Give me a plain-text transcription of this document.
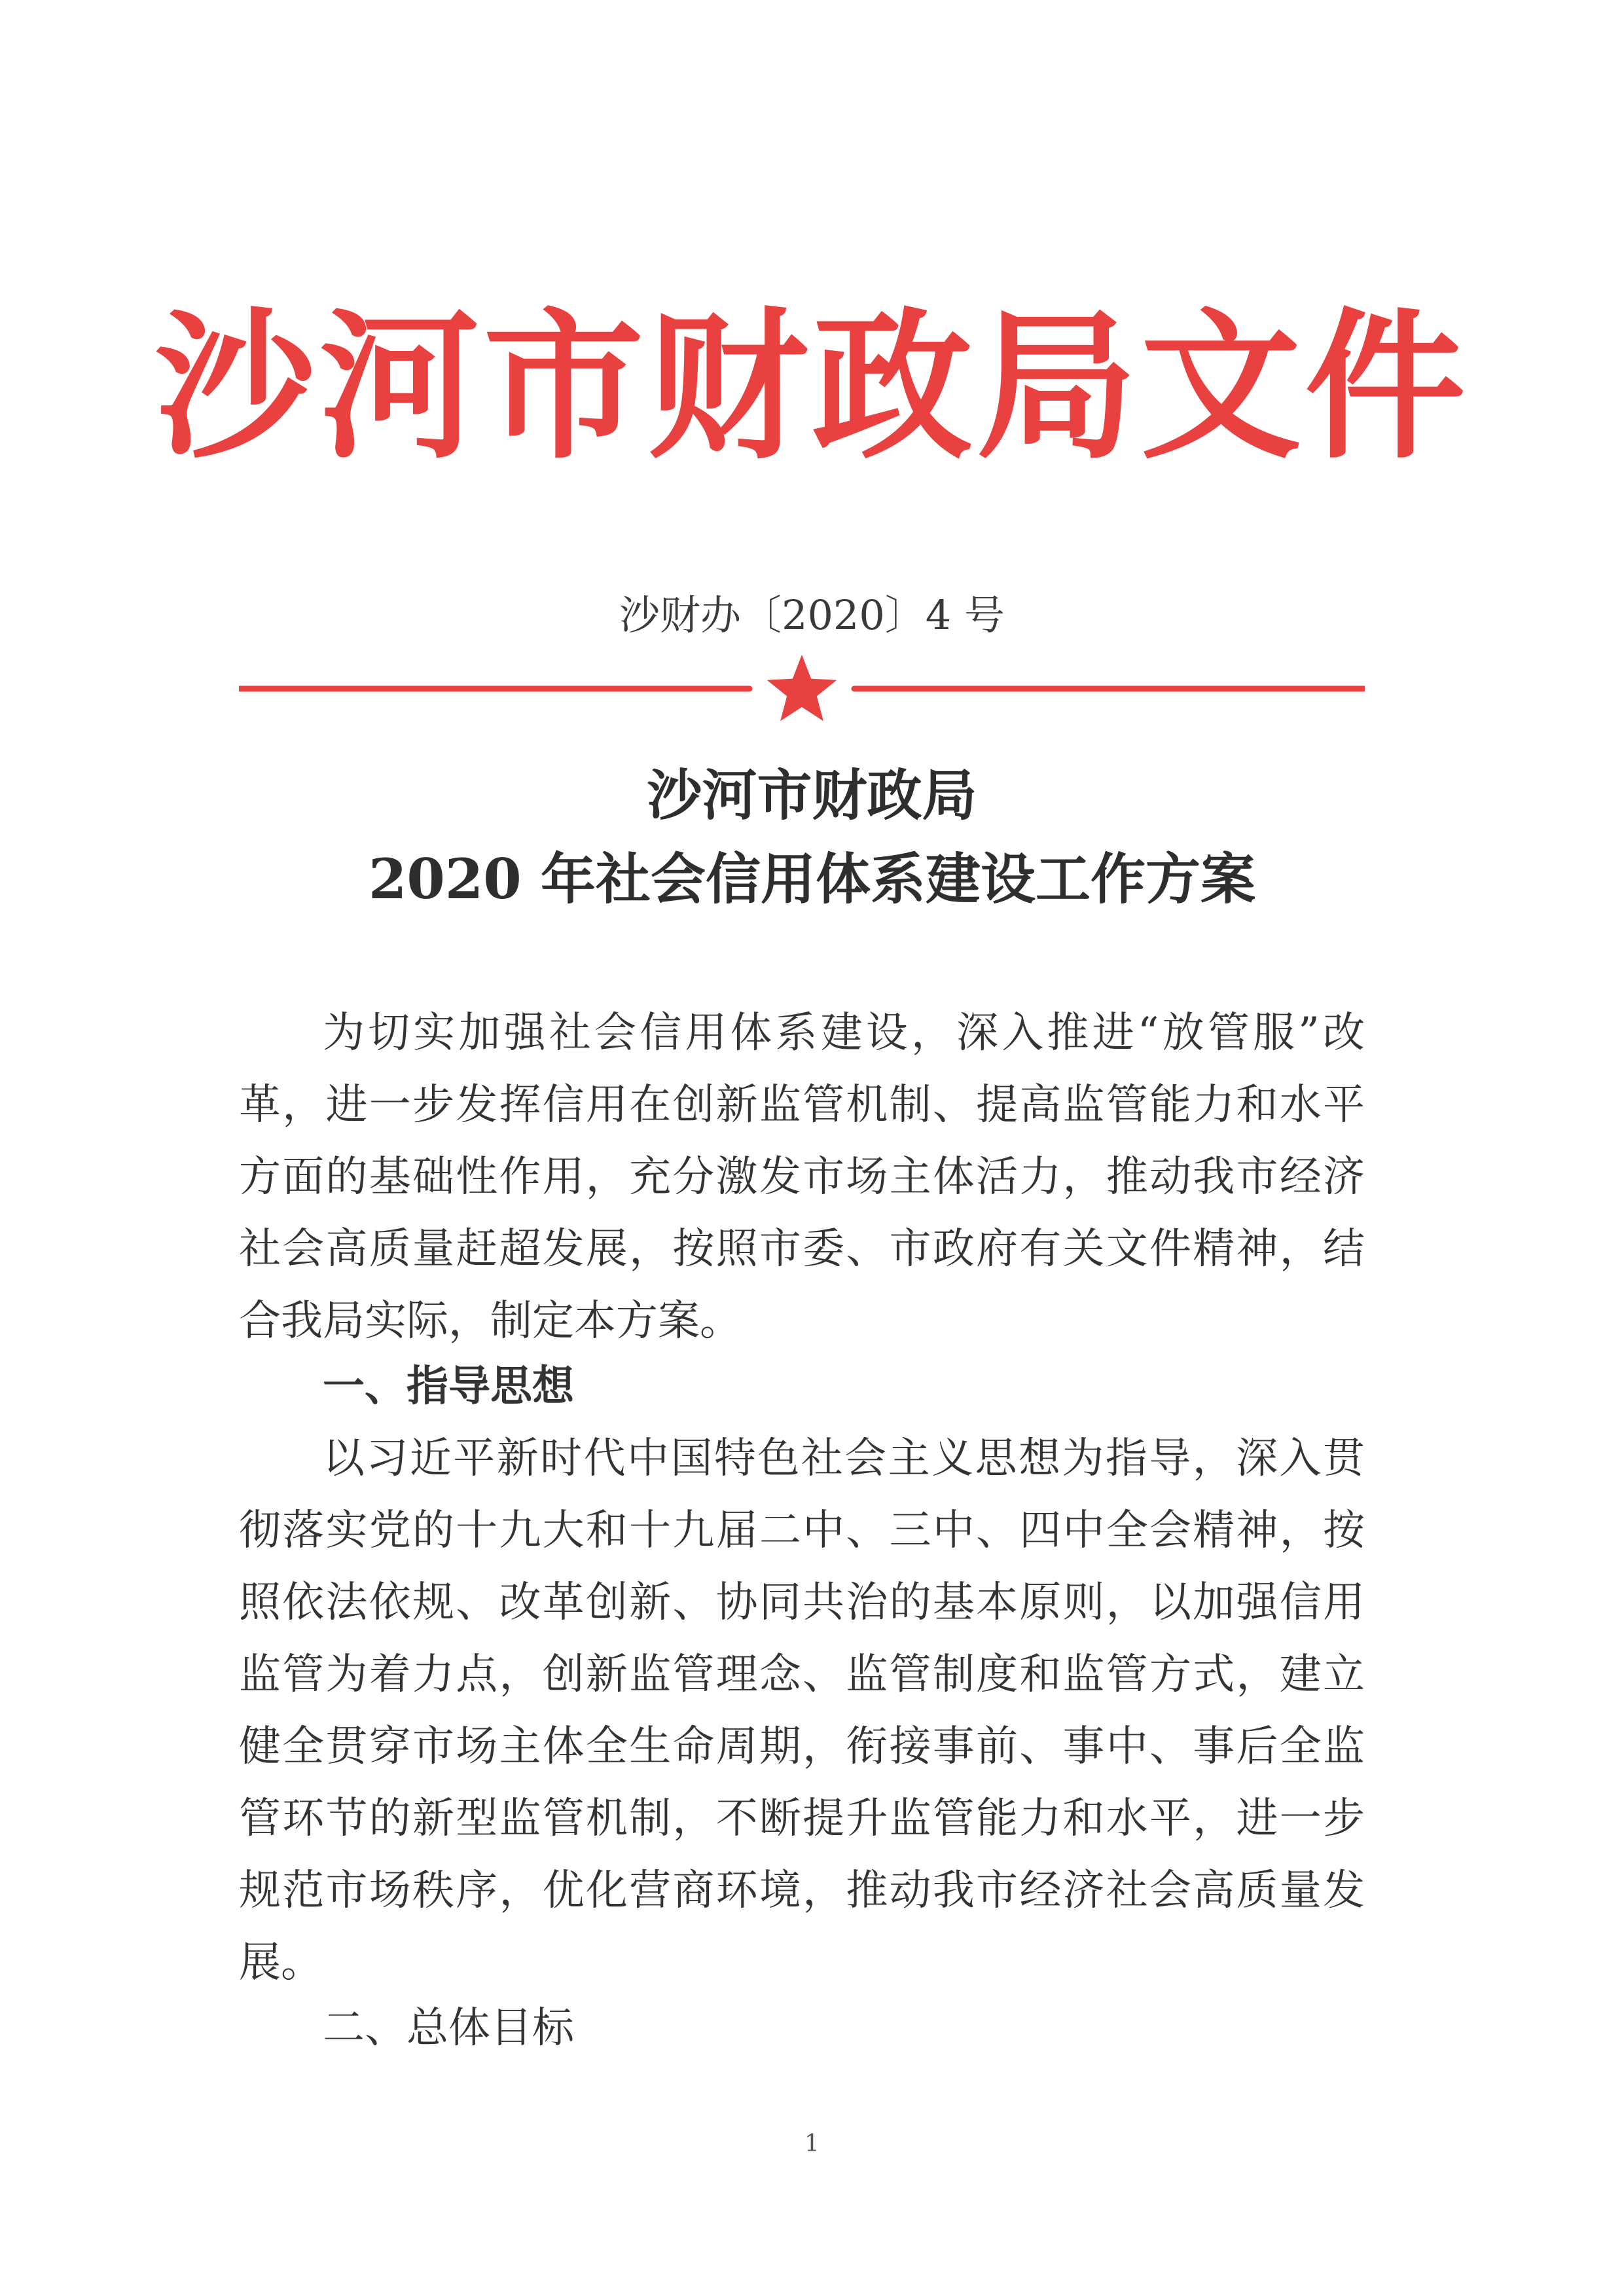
沙河市财政局文件
沙财办〔2020〕4 号
沙河市财政局
2020 年社会信用体系建设工作方案
为切实加强社会信用体系建设，深入推进“放管服”改
革，进一步发挥信用在创新监管机制、提高监管能力和水平
方面的基础性作用，充分激发市场主体活力，推动我市经济
社会高质量赶超发展，按照市委、市政府有关文件精神，结
合我局实际，制定本方案。
一、指导思想
以习近平新时代中国特色社会主义思想为指导，深入贯
彻落实党的十九大和十九届二中、三中、四中全会精神，按
照依法依规、改革创新、协同共治的基本原则，以加强信用
监管为着力点，创新监管理念、监管制度和监管方式，建立
健全贯穿市场主体全生命周期，衔接事前、事中、事后全监
管环节的新型监管机制，不断提升监管能力和水平，进一步
规范市场秩序，优化营商环境，推动我市经济社会高质量发
展。
二、总体目标
1
